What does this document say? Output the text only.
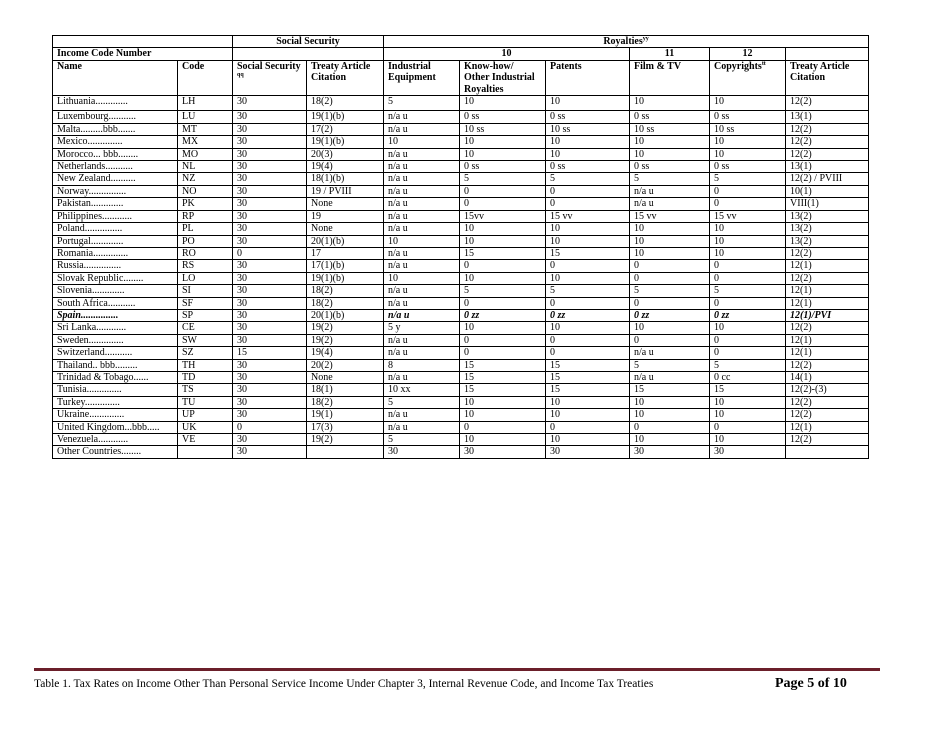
		Social Security		Royalties$^{yy}$
Income Code Number				10			11	12	
Name	Code	Social Security $^{qq}$	Treaty Article Citation	Industrial Equipment	Know-how/ Other Industrial Royalties	Patents	Film & TV	Copyrights$^{tt}$	Treaty Article Citation
Lithuania.............	LH	30	18(2)	5	10	10	10	10	12(2)
Luxembourg...........	LU	30	19(1)(b)	n/a u	0 ss	0 ss	0 ss	0 ss	13(1)
Malta.........bbb.......	MT	30	17(2)	n/a u	10 ss	10 ss	10 ss	10 ss	12(2)
Mexico..............	MX	30	19(1)(b)	10	10	10	10	10	12(2)
Morocco... bbb........	MO	30	20(3)	n/a u	10	10	10	10	12(2)
Netherlands...........	NL	30	19(4)	n/a u	0 ss	0 ss	0 ss	0 ss	13(1)
New Zealand..........	NZ	30	18(1)(b)	n/a u	5	5	5	5	12(2) / PVIII
Norway...............	NO	30	19 / PVIII	n/a u	0	0	n/a u	0	10(1)
Pakistan.............	PK	30	None	n/a u	0	0	n/a u	0	VIII(1)
Philippines............	RP	30	19	n/a u	15vv	15 vv	15 vv	15 vv	13(2)
Poland...............	PL	30	None	n/a u	10	10	10	10	13(2)
Portugal.............	PO	30	20(1)(b)	10	10	10	10	10	13(2)
Romania..............	RO	0	17	n/a u	15	15	10	10	12(2)
Russia...............	RS	30	17(1)(b)	n/a u	0	0	0	0	12(1)
Slovak Republic........	LO	30	19(1)(b)	10	10	10	0	0	12(2)
Slovenia.............	SI	30	18(2)	n/a u	5	5	5	5	12(1)
South Africa...........	SF	30	18(2)	n/a u	0	0	0	0	12(1)
Spain...............	SP	30	20(1)(b)	n/a u	0 zz	0 zz	0 zz	0 zz	12(1)/PVI
Sri Lanka............	CE	30	19(2)	5 y	10	10	10	10	12(2)
Sweden..............	SW	30	19(2)	n/a u	0	0	0	0	12(1)
Switzerland...........	SZ	15	19(4)	n/a u	0	0	n/a u	0	12(1)
Thailand.. bbb.........	TH	30	20(2)	8	15	15	5	5	12(2)
Trinidad & Tobago......	TD	30	None	n/a u	15	15	n/a u	0 cc	14(1)
Tunisia..............	TS	30	18(1)	10 xx	15	15	15	15	12(2)-(3)
Turkey..............	TU	30	18(2)	5	10	10	10	10	12(2)
Ukraine..............	UP	30	19(1)	n/a u	10	10	10	10	12(2)
United Kingdom...bbb.....	UK	0	17(3)	n/a u	0	0	0	0	12(1)
Venezuela............	VE	30	19(2)	5	10	10	10	10	12(2)
Other Countries........		30		30	30	30	30	30	
Table 1. Tax Rates on Income Other Than Personal Service Income Under Chapter 3, Internal Revenue Code, and Income Tax Treaties	Page 5 of 10
